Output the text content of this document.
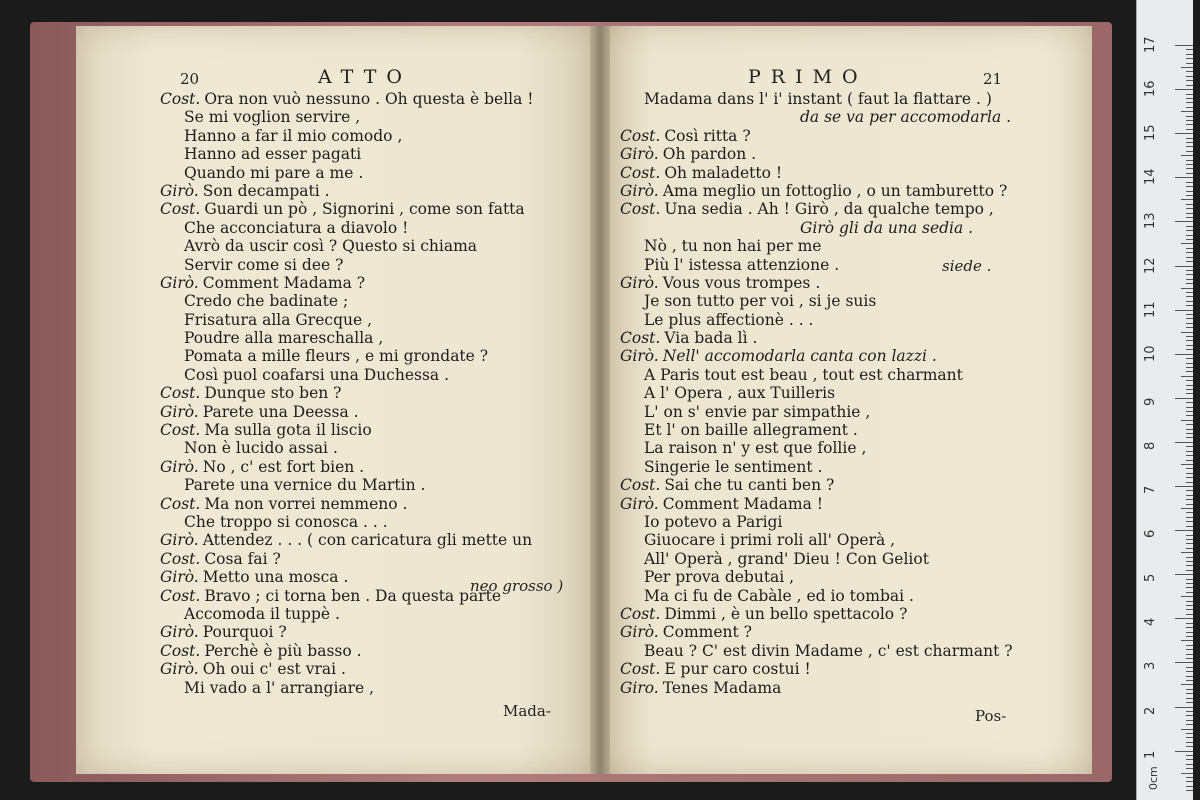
20	ATTO	PRIMO	21
Cost. Ora non vuò nessuno . Oh questa è bella !
Se mi voglion servire ,
Hanno a far il mio comodo ,
Hanno ad esser pagati
Quando mi pare a me .
Girò. Son decampati .
Cost. Guardi un pò , Signorini , come son fatta
Che acconciatura a diavolo !
Avrò da uscir così ? Questo si chiama
Servir come si dee ?
Girò. Comment Madama ?
Credo che badinate ;
Frisatura alla Grecque ,
Poudre alla mareschalla ,
Pomata a mille fleurs , e mi grondate ?
Così puol coafarsi una Duchessa .
Cost. Dunque sto ben ?
Girò. Parete una Deessa .
Cost. Ma sulla gota il liscio
Non è lucido assai .
Girò. No , c' est fort bien .
Parete una vernice du Martin .
Cost. Ma non vorrei nemmeno .
Che troppo si conosca . . .
Girò. Attendez . . . ( con caricatura gli mette un
Cost. Cosa fai ?
Girò. Metto una mosca .
Cost. Bravo ; ci torna ben . Da questa parte
Accomoda il tuppè .
Girò. Pourquoi ?
Cost. Perchè è più basso .
Girò. Oh oui c' est vrai .
Mi vado a l' arrangiare ,
neo grosso )
Mada-
Madama dans l' i' instant ( faut la flattare . )
da se va per accomodarla .
Cost. Così ritta ?
Girò. Oh pardon .
Cost. Oh maladetto !
Girò. Ama meglio un fottoglio , o un tamburetto ?
Cost. Una sedia . Ah ! Girò , da qualche tempo ,
Girò gli da una sedia .
Nò , tu non hai per me
Più l' istessa attenzione .
Girò. Vous vous trompes .
Je son tutto per voi , si je suis
Le plus affectionè . . .
Cost. Via bada lì .
Girò. Nell' accomodarla canta con lazzi .
A Paris tout est beau , tout est charmant
A l' Opera , aux Tuilleris
L' on s' envie par simpathie ,
Et l' on baille allegrament .
La raison n' y est que follie ,
Singerie le sentiment .
Cost. Sai che tu canti ben ?
Girò. Comment Madama !
Io potevo a Parigi
Giuocare i primi roli all' Operà ,
All' Operà , grand' Dieu ! Con Geliot
Per prova debutai ,
Ma ci fu de Cabàle , ed io tombai .
Cost. Dimmi , è un bello spettacolo ?
Girò. Comment ?
Beau ? C' est divin Madame , c' est charmant ?
Cost. E pur caro costui !
Giro. Tenes Madama
siede .
Pos-
0cm
17
16
15
14
13
12
11
10
9
8
7
6
5
4
3
2
1
